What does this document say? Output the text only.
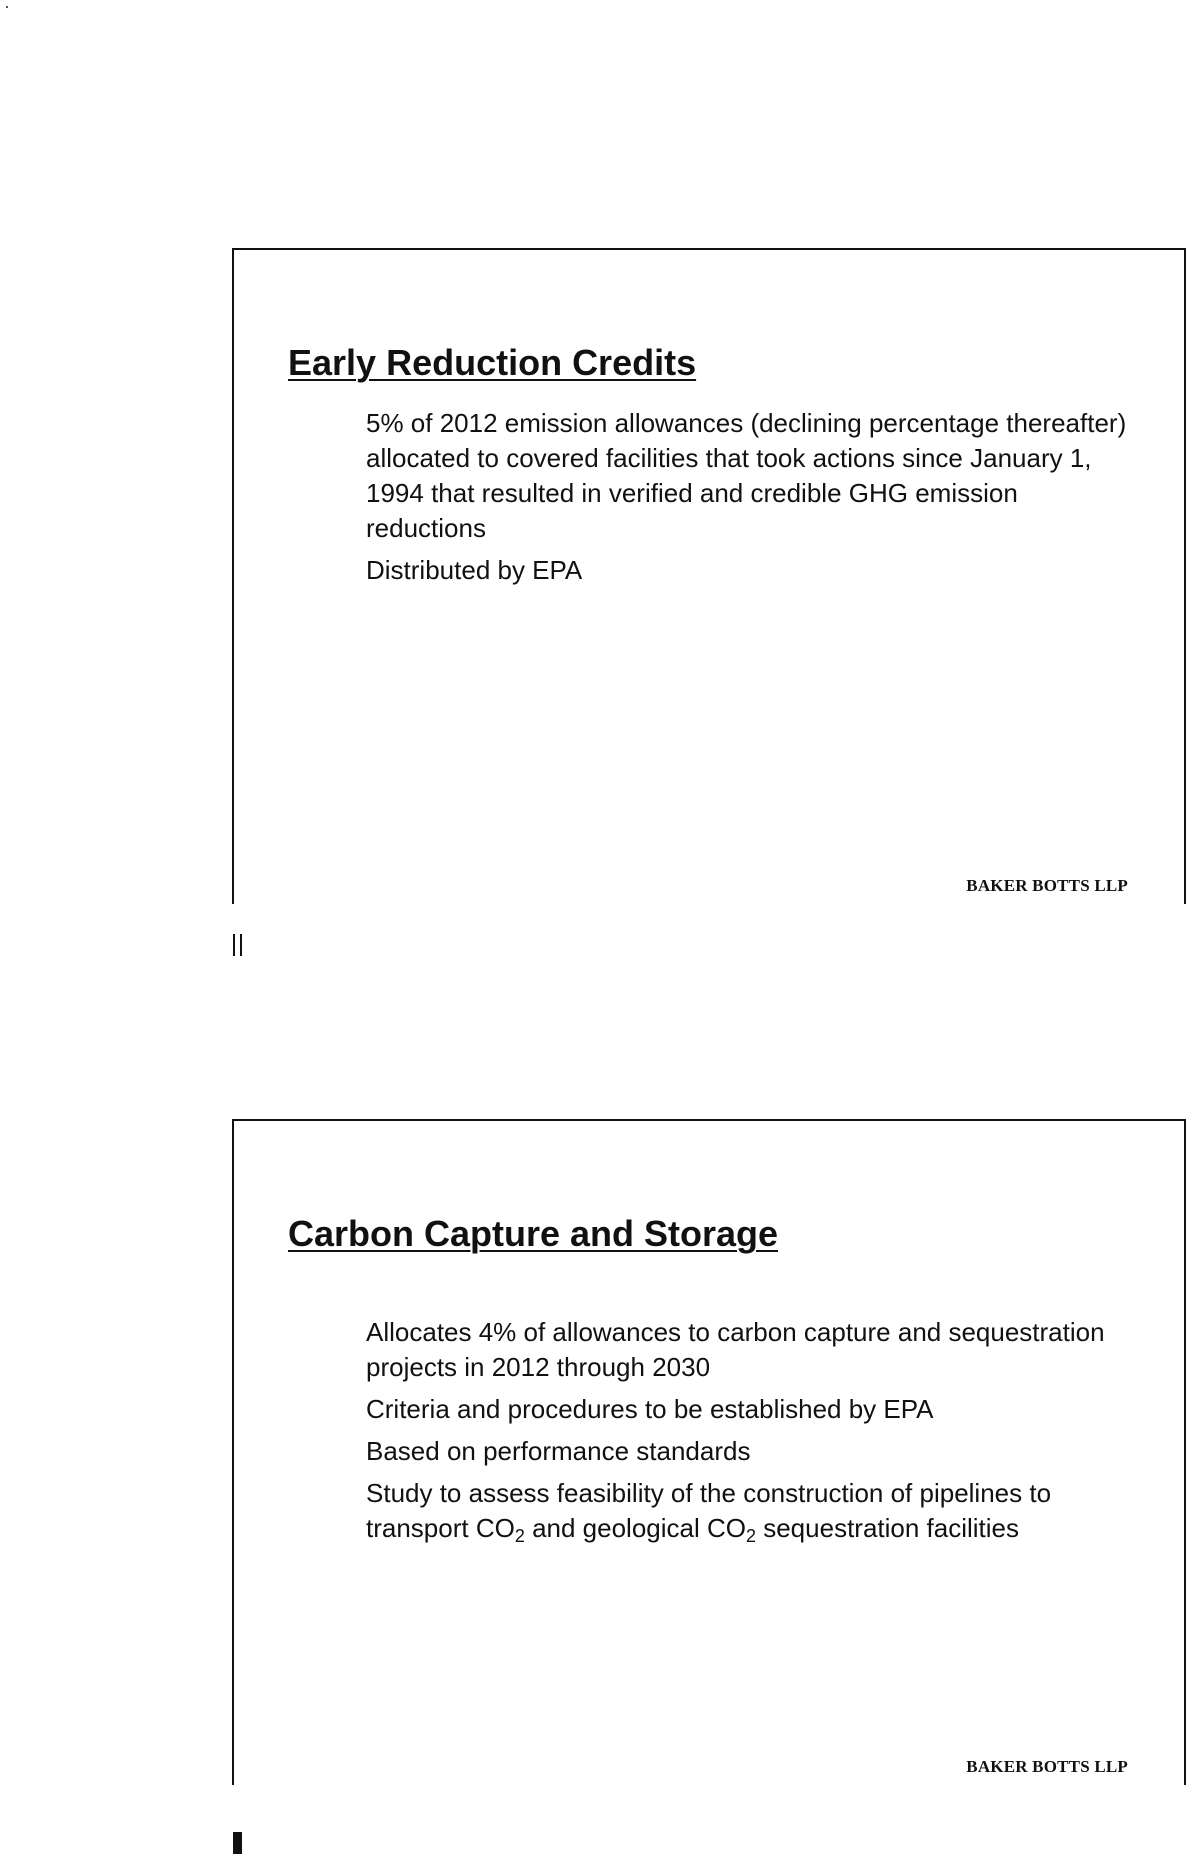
Early Reduction Credits
5% of 2012 emission allowances (declining percentage thereafter) allocated to covered facilities that took actions since January 1, 1994 that resulted in verified and credible GHG emission reductions
Distributed by EPA
BAKER BOTTS LLP
Carbon Capture and Storage
Allocates 4% of allowances to carbon capture and sequestration projects in 2012 through 2030
Criteria and procedures to be established by EPA
Based on performance standards
Study to assess feasibility of the construction of pipelines to transport $CO_2$ and geological $CO_2$ sequestration facilities
BAKER BOTTS LLP
